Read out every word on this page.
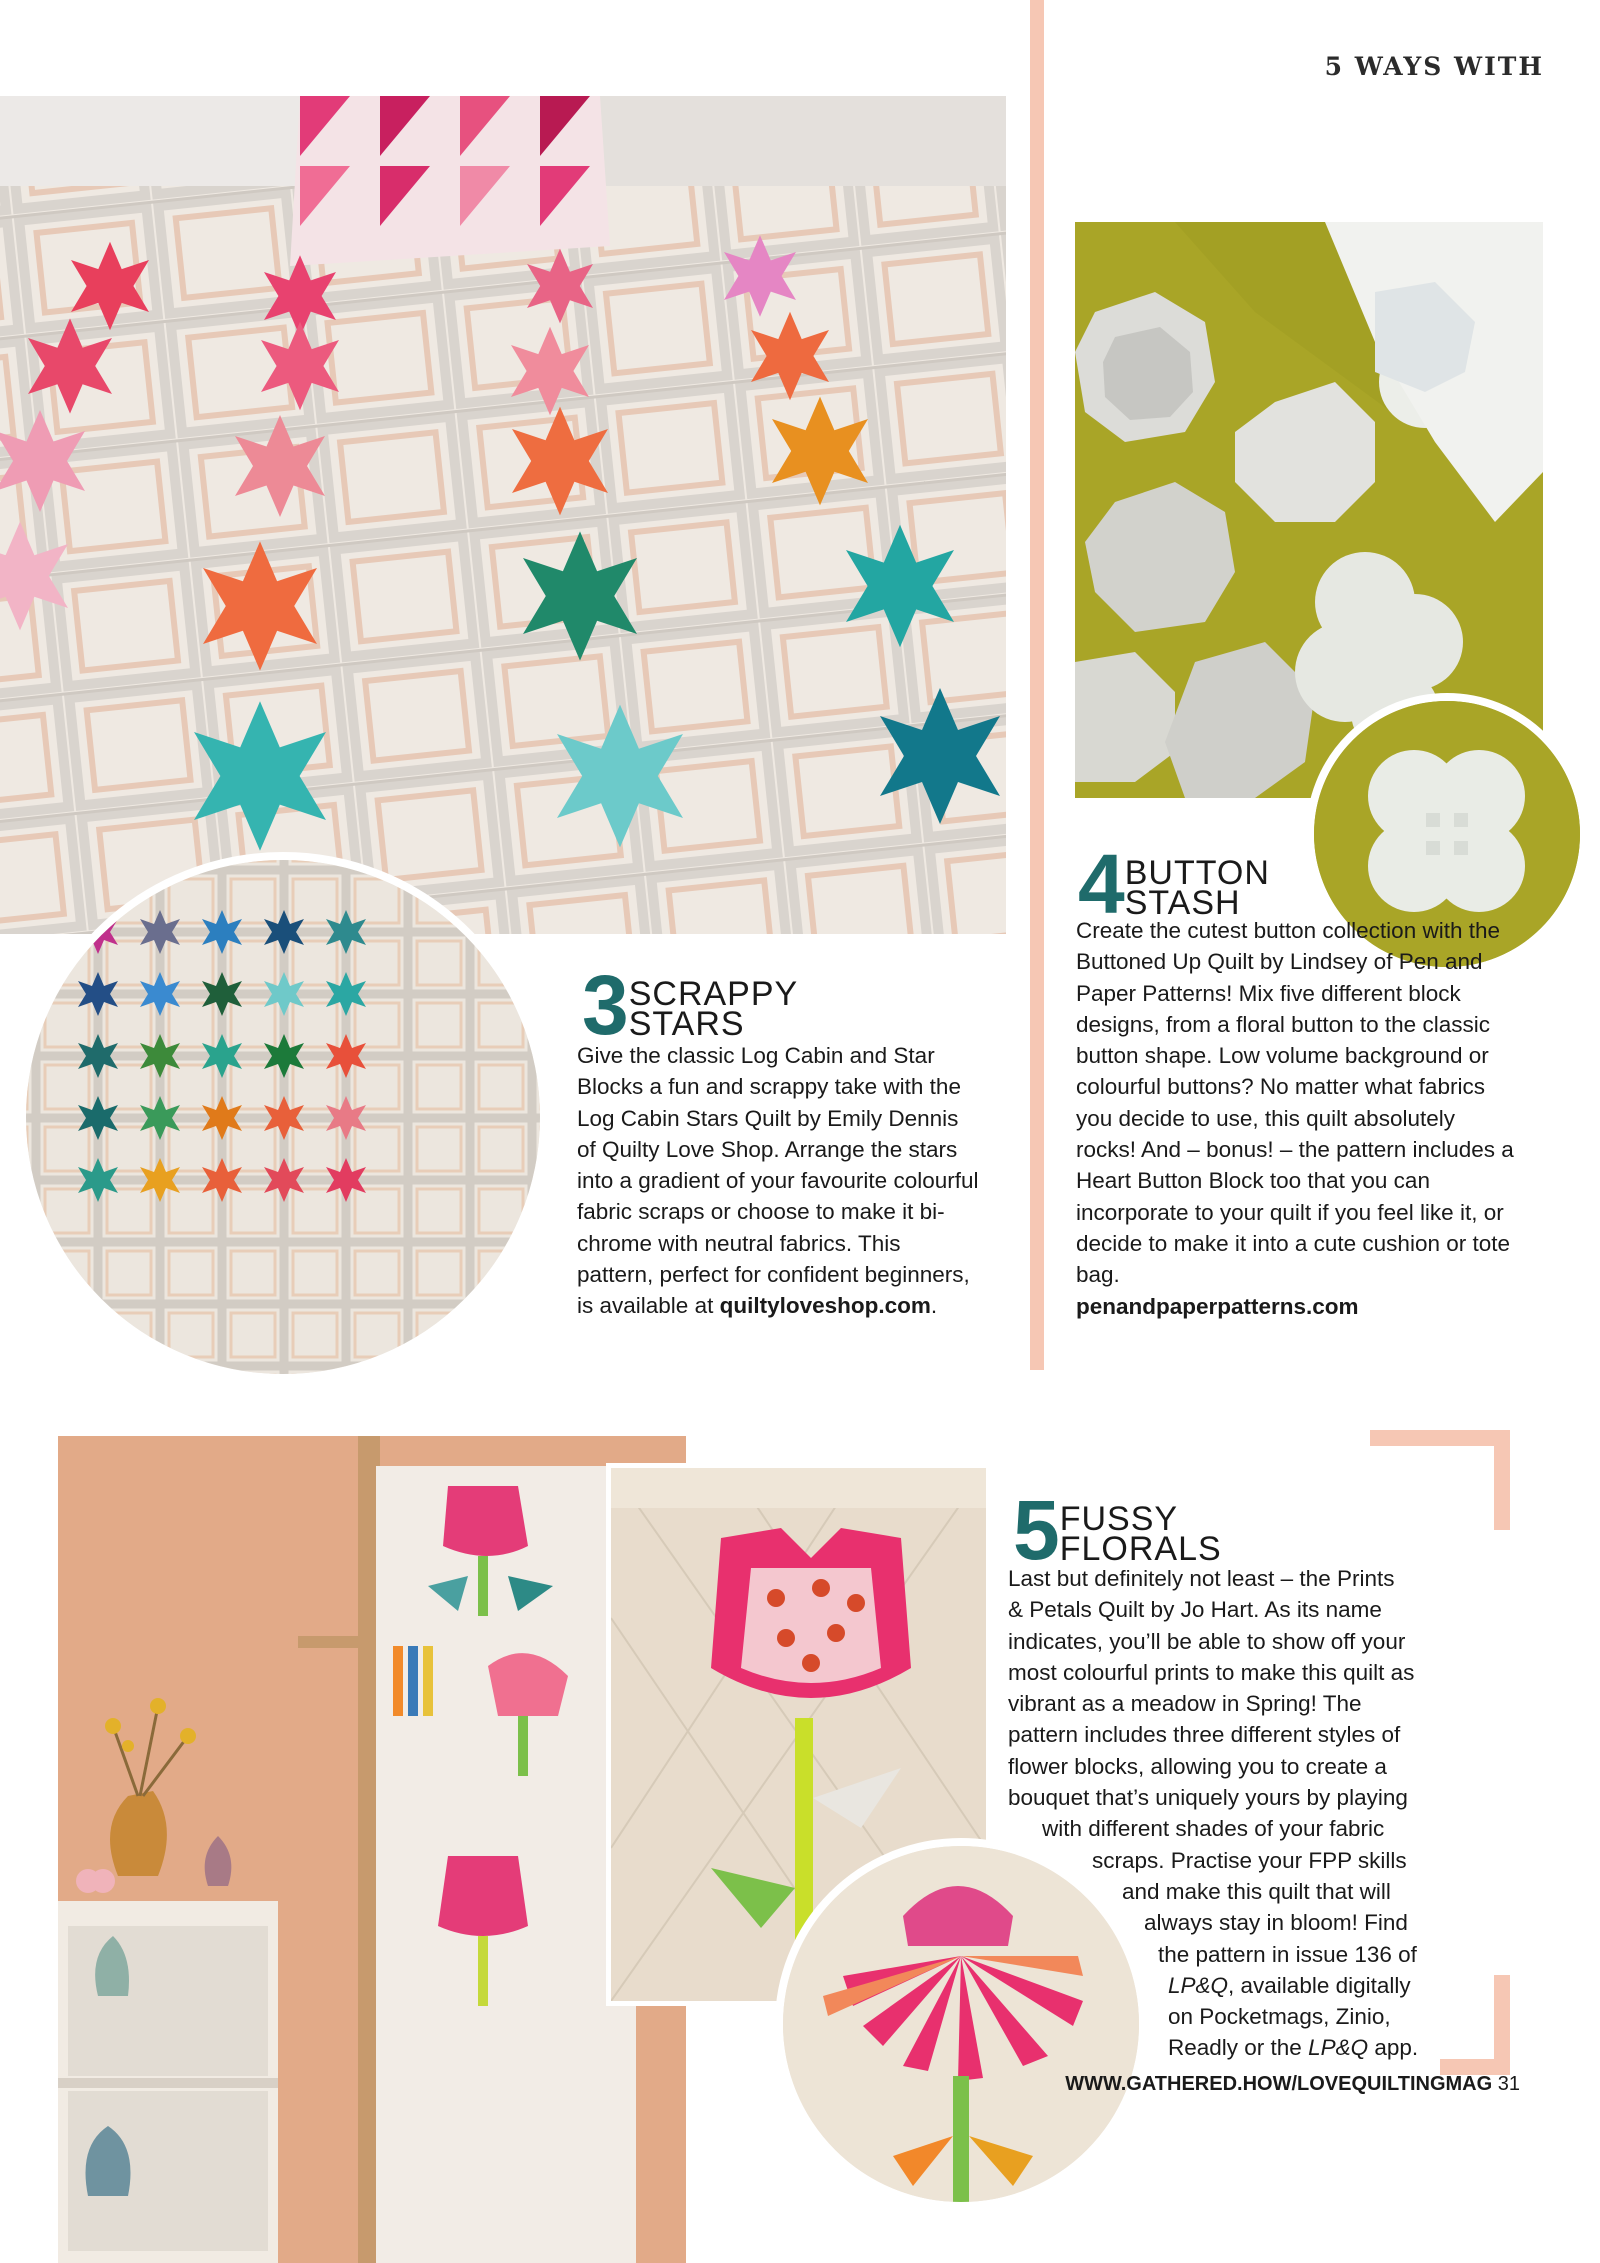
5 WAYS WITH
3 SCRAPPY
STARS
Give the classic Log Cabin and Star Blocks a fun and scrappy take with the Log Cabin Stars Quilt by Emily Dennis of Quilty Love Shop. Arrange the stars into a gradient of your favourite colourful fabric scraps or choose to make it bi-chrome with neutral fabrics. This pattern, perfect for confident beginners, is available at quiltyloveshop.com.
4 BUTTON
STASH
Create the cutest button collection with the Buttoned Up Quilt by Lindsey of Pen and Paper Patterns! Mix five different block designs, from a floral button to the classic button shape. Low volume background or colourful buttons? No matter what fabrics you decide to use, this quilt absolutely rocks! And – bonus! – the pattern includes a Heart Button Block too that you can incorporate to your quilt if you feel like it, or decide to make it into a cute cushion or tote bag.
penandpaperpatterns.com
5 FUSSY
FLORALS

Last but definitely not least – the Prints

& Petals Quilt by Jo Hart. As its name

indicates, you’ll be able to show off your

most colourful prints to make this quilt as

vibrant as a meadow in Spring! The

pattern includes three different styles of

flower blocks, allowing you to create a

bouquet that’s uniquely yours by playing

with different shades of your fabric

scraps. Practise your FPP skills

and make this quilt that will

always stay in bloom! Find

the pattern in issue 136 of

LP&Q, available digitally

on Pocketmags, Zinio,

Readly or the LP&Q app.

WWW.GATHERED.HOW/LOVEQUILTINGMAG 31
